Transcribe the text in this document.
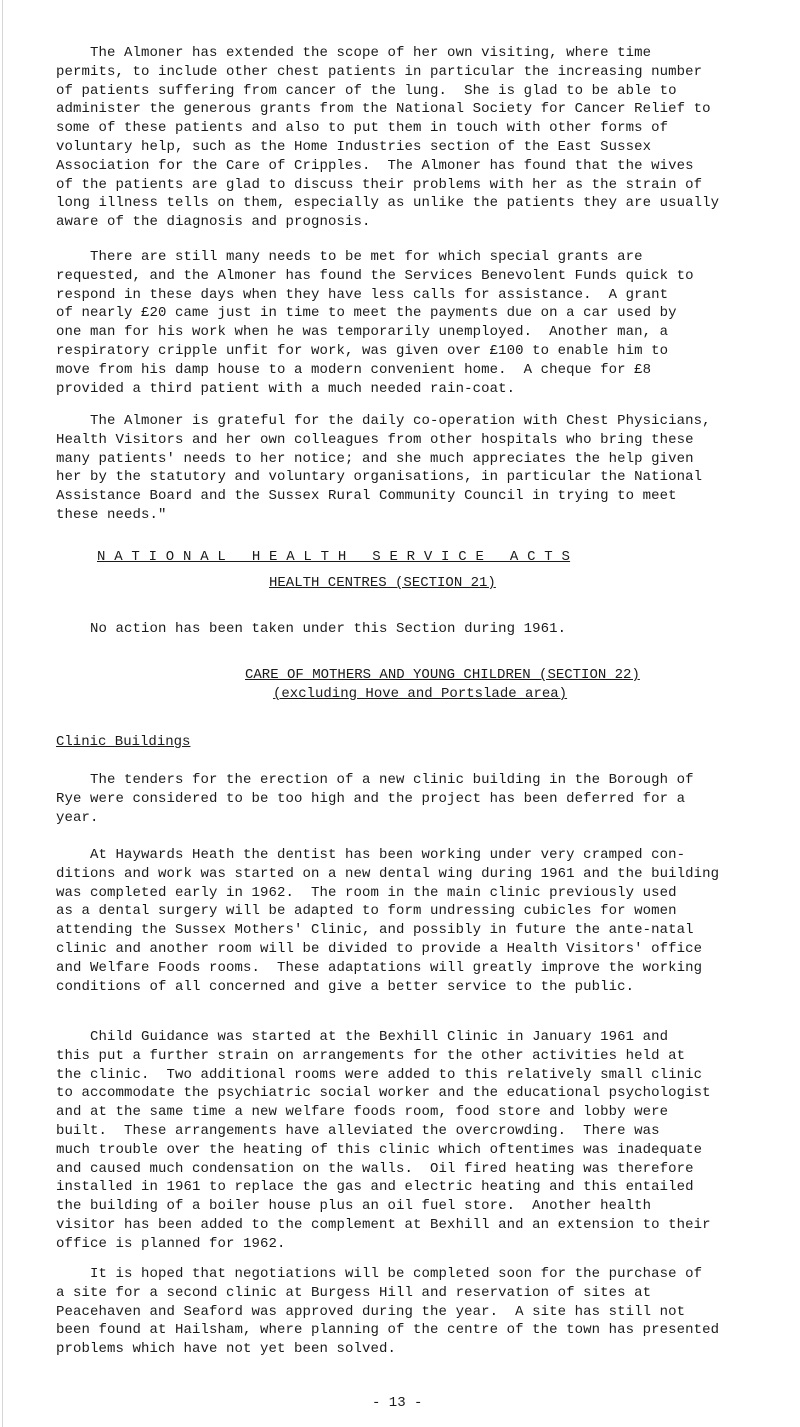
The Almoner has extended the scope of her own visiting, where time
permits, to include other chest patients in particular the increasing number
of patients suffering from cancer of the lung.  She is glad to be able to
administer the generous grants from the National Society for Cancer Relief to
some of these patients and also to put them in touch with other forms of
voluntary help, such as the Home Industries section of the East Sussex
Association for the Care of Cripples.  The Almoner has found that the wives
of the patients are glad to discuss their problems with her as the strain of
long illness tells on them, especially as unlike the patients they are usually
aware of the diagnosis and prognosis.

There are still many needs to be met for which special grants are
requested, and the Almoner has found the Services Benevolent Funds quick to
respond in these days when they have less calls for assistance.  A grant
of nearly £20 came just in time to meet the payments due on a car used by
one man for his work when he was temporarily unemployed.  Another man, a
respiratory cripple unfit for work, was given over £100 to enable him to
move from his damp house to a modern convenient home.  A cheque for £8
provided a third patient with a much needed rain-coat.

The Almoner is grateful for the daily co-operation with Chest Physicians,
Health Visitors and her own colleagues from other hospitals who bring these
many patients' needs to her notice; and she much appreciates the help given
her by the statutory and voluntary organisations, in particular the National
Assistance Board and the Sussex Rural Community Council in trying to meet
these needs."

N A T I O N A L   H E A L T H   S E R V I C E   A C T S

HEALTH CENTRES (SECTION 21)

No action has been taken under this Section during 1961.

CARE OF MOTHERS AND YOUNG CHILDREN (SECTION 22)

(excluding Hove and Portslade area)

Clinic Buildings

The tenders for the erection of a new clinic building in the Borough of
Rye were considered to be too high and the project has been deferred for a
year.

At Haywards Heath the dentist has been working under very cramped con-
ditions and work was started on a new dental wing during 1961 and the building
was completed early in 1962.  The room in the main clinic previously used
as a dental surgery will be adapted to form undressing cubicles for women
attending the Sussex Mothers' Clinic, and possibly in future the ante-natal
clinic and another room will be divided to provide a Health Visitors' office
and Welfare Foods rooms.  These adaptations will greatly improve the working
conditions of all concerned and give a better service to the public.

Child Guidance was started at the Bexhill Clinic in January 1961 and
this put a further strain on arrangements for the other activities held at
the clinic.  Two additional rooms were added to this relatively small clinic
to accommodate the psychiatric social worker and the educational psychologist
and at the same time a new welfare foods room, food store and lobby were
built.  These arrangements have alleviated the overcrowding.  There was
much trouble over the heating of this clinic which oftentimes was inadequate
and caused much condensation on the walls.  Oil fired heating was therefore
installed in 1961 to replace the gas and electric heating and this entailed
the building of a boiler house plus an oil fuel store.  Another health
visitor has been added to the complement at Bexhill and an extension to their
office is planned for 1962.

It is hoped that negotiations will be completed soon for the purchase of
a site for a second clinic at Burgess Hill and reservation of sites at
Peacehaven and Seaford was approved during the year.  A site has still not
been found at Hailsham, where planning of the centre of the town has presented
problems which have not yet been solved.

- 13 -
